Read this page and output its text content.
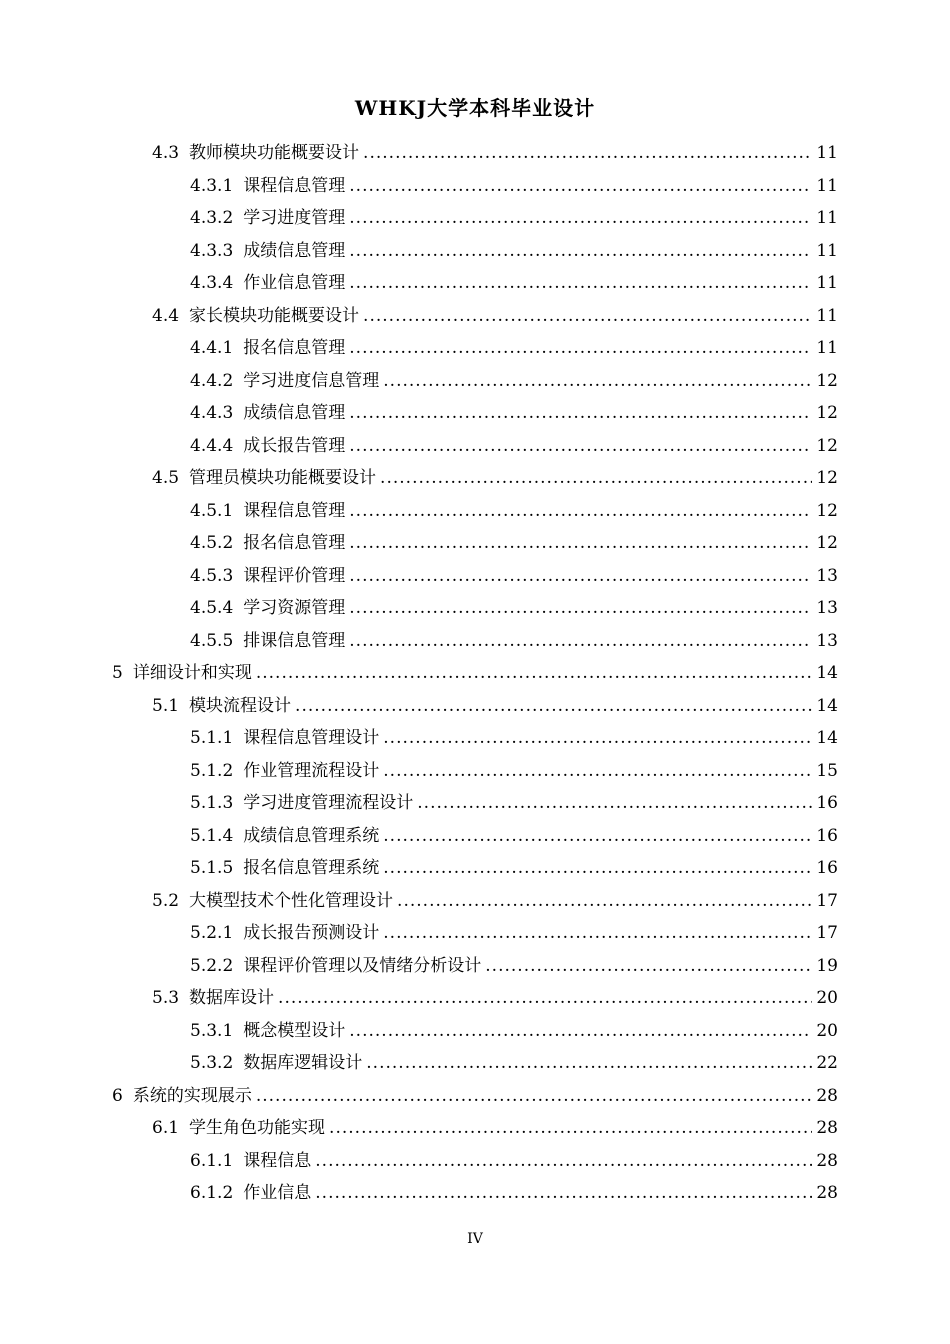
WHKJ大学本科毕业设计
4.3 教师模块功能概要设计 .....	11
4.3.1 课程信息管理 .....	11
4.3.2 学习进度管理 .....	11
4.3.3 成绩信息管理 .....	11
4.3.4 作业信息管理 .....	11
4.4 家长模块功能概要设计 .....	11
4.4.1 报名信息管理 .....	11
4.4.2 学习进度信息管理 .....	12
4.4.3 成绩信息管理 .....	12
4.4.4 成长报告管理 .....	12
4.5 管理员模块功能概要设计 .....	12
4.5.1 课程信息管理 .....	12
4.5.2 报名信息管理 .....	12
4.5.3 课程评价管理 .....	13
4.5.4 学习资源管理 .....	13
4.5.5 排课信息管理 .....	13
5 详细设计和实现 .....	14
5.1 模块流程设计 .....	14
5.1.1 课程信息管理设计 .....	14
5.1.2 作业管理流程设计 .....	15
5.1.3 学习进度管理流程设计 .....	16
5.1.4 成绩信息管理系统 .....	16
5.1.5 报名信息管理系统 .....	16
5.2 大模型技术个性化管理设计 .....	17
5.2.1 成长报告预测设计 .....	17
5.2.2 课程评价管理以及情绪分析设计 .....	19
5.3 数据库设计 .....	20
5.3.1 概念模型设计 .....	20
5.3.2 数据库逻辑设计 .....	22
6 系统的实现展示 .....	28
6.1 学生角色功能实现 .....	28
6.1.1 课程信息 .....	28
6.1.2 作业信息 .....	28
IV
